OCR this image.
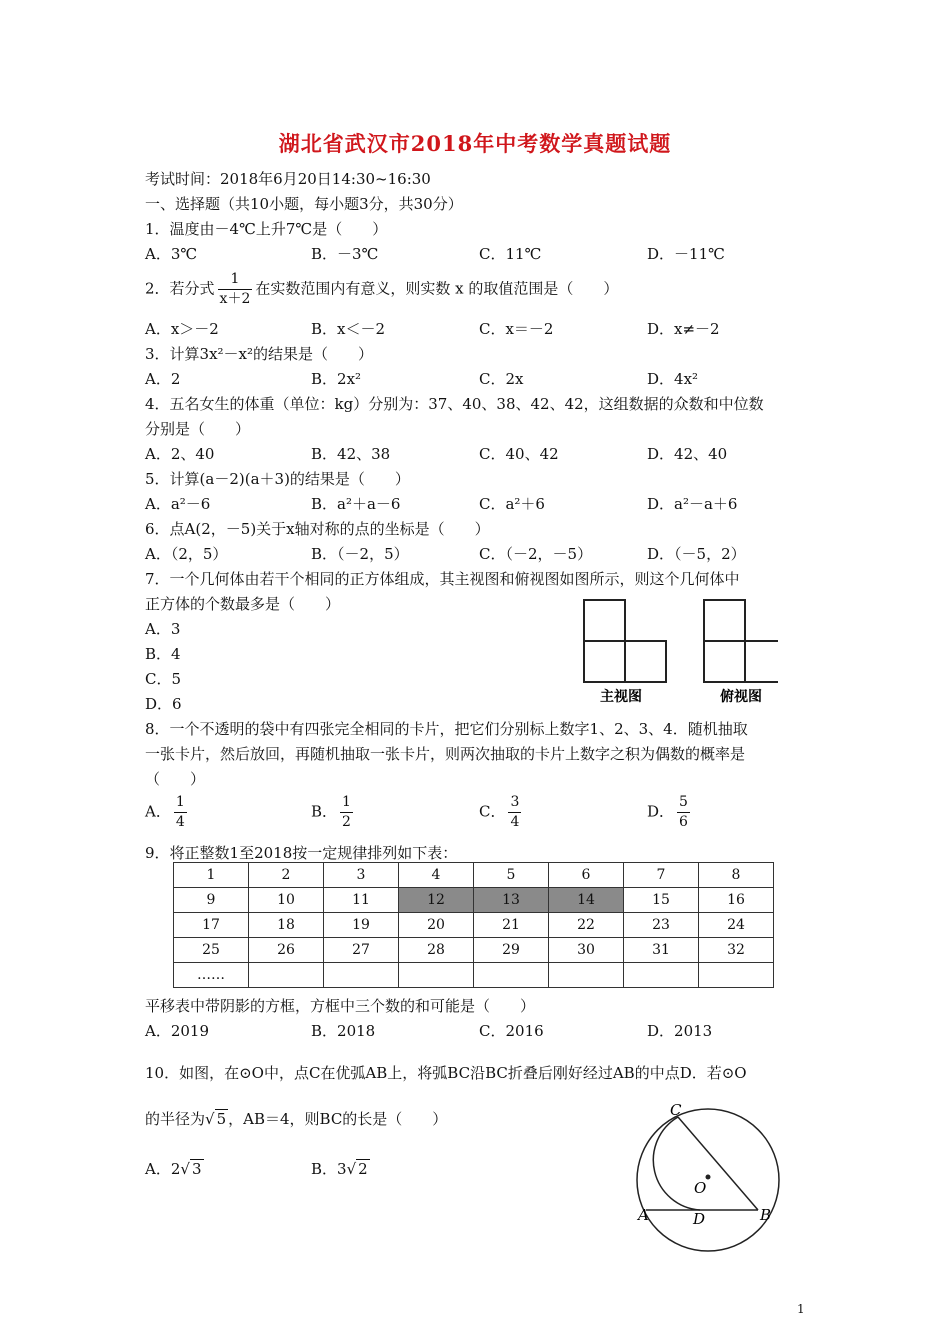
湖北省武汉市2018年中考数学真题试题
考试时间：2018年6月20日14:30~16:30
一、选择题（共10小题，每小题3分，共30分）
1．温度由－4℃上升7℃是（　　）
A．3℃	B．－3℃	C．11℃	D．－11℃
2．若分式 $\frac{1}{x+2}$ 在实数范围内有意义，则实数 x 的取值范围是（　　）
A．x＞－2	B．x＜－2	C．x＝－2	D．x≠－2
3．计算3x²－x²的结果是（　　）
A．2	B．2x²	C．2x	D．4x²
4．五名女生的体重（单位：kg）分别为：37、40、38、42、42，这组数据的众数和中位数
分别是（　　）
A．2、40	B．42、38	C．40、42	D．42、40
5．计算(a－2)(a＋3)的结果是（　　）
A．a²－6	B．a²＋a－6	C．a²＋6	D．a²－a＋6
6．点A(2，－5)关于x轴对称的点的坐标是（　　）
A．（2，5）	B．（－2，5）	C．（－2，－5）	D．（－5，2）
7．一个几何体由若干个相同的正方体组成，其主视图和俯视图如图所示，则这个几何体中
正方体的个数最多是（　　）
A．3
B．4
C．5
D．6	主视图	俯视图
8．一个不透明的袋中有四张完全相同的卡片，把它们分别标上数字1、2、3、4．随机抽取
一张卡片，然后放回，再随机抽取一张卡片，则两次抽取的卡片上数字之积为偶数的概率是
（　　）
A． $\frac{1}{4}$	B． $\frac{1}{2}$	C． $\frac{3}{4}$	D． $\frac{5}{6}$
9．将正整数1至2018按一定规律排列如下表：
1	2	3	4	5	6	7	8
9	10	11	12	13	14	15	16
17	18	19	20	21	22	23	24
25	26	27	28	29	30	31	32
……							
平移表中带阴影的方框，方框中三个数的和可能是（　　）
A．2019	B．2018	C．2016	D．2013
10．如图，在⊙O中，点C在优弧AB上，将弧BC沿BC折叠后刚好经过AB的中点D．若⊙O
的半径为√ 5 ，AB＝4，则BC的长是（　　）
A．2√ 3	B．3√ 2
C
O
A	D	B
1
